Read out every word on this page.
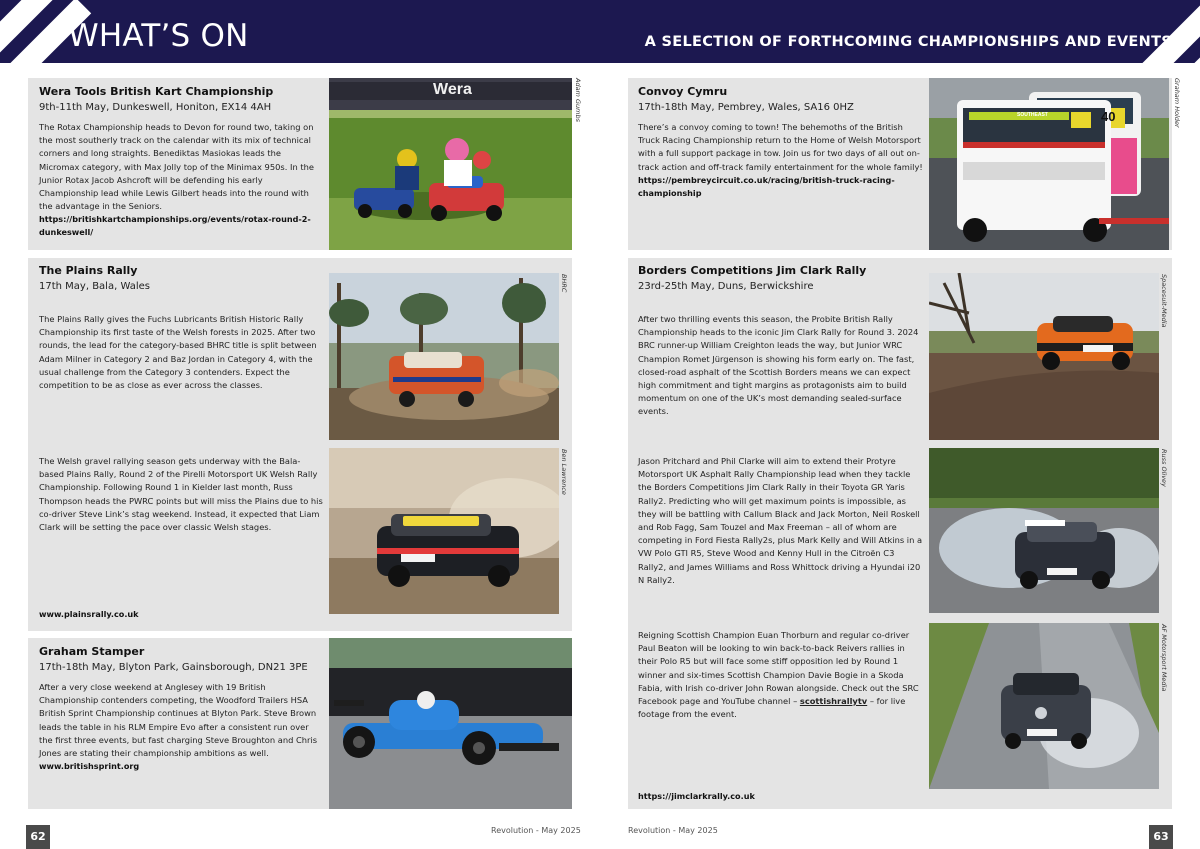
WHAT’S ON	A SELECTION OF FORTHCOMING CHAMPIONSHIPS AND EVENTS
Wera Tools British Kart Championship
9th-11th May, Dunkeswell, Honiton, EX14 4AH
The Rotax Championship heads to Devon for round two, taking on the most southerly track on the calendar with its mix of technical corners and long straights. Benediktas Masiokas leads the Micromax category, with Max Jolly top of the Minimax 950s. In the Junior Rotax Jacob Ashcroft will be defending his early Championship lead while Lewis Gilbert heads into the round with the advantage in the Seniors.
https://britishkartchampionships.org/events/rotax-round-2-dunkeswell/
Wera	Adam Gumbs
The Plains Rally
17th May, Bala, Wales
The Plains Rally gives the Fuchs Lubricants British Historic Rally Championship its first taste of the Welsh forests in 2025. After two rounds, the lead for the category-based BHRC title is split between Adam Milner in Category 2 and Baz Jordan in Category 4, with the usual challenge from the Category 3 contenders. Expect the competition to be as close as ever across the classes.
The Welsh gravel rallying season gets underway with the Bala-based Plains Rally, Round 2 of the Pirelli Motorsport UK Welsh Rally Championship. Following Round 1 in Kielder last month, Russ Thompson heads the PWRC points but will miss the Plains due to his co-driver Steve Link’s stag weekend. Instead, it expected that Liam Clark will be setting the pace over classic Welsh stages.
www.plainsrally.co.uk
BHRC
Ben Lawrence
Graham Stamper
17th-18th May, Blyton Park, Gainsborough, DN21 3PE
After a very close weekend at Anglesey with 19 British Championship contenders competing, the Woodford Trailers HSA British Sprint Championship continues at Blyton Park. Steve Brown leads the table in his RLM Empire Evo after a consistent run over the first three events, but fast charging Steve Broughton and Chris Jones are stating their championship ambitions as well.
www.britishsprint.org
Convoy Cymru
17th-18th May, Pembrey, Wales, SA16 0HZ
There’s a convoy coming to town! The behemoths of the British Truck Racing Championship return to the Home of Welsh Motorsport with a full support package in tow. Join us for two days of all out on-track action and off-track family entertainment for the whole family!
https://pembreycircuit.co.uk/racing/british-truck-racing-championship
40
SOUTHEAST	Graham Holder
Borders Competitions Jim Clark Rally
23rd-25th May, Duns, Berwickshire
After two thrilling events this season, the Probite British Rally Championship heads to the iconic Jim Clark Rally for Round 3. 2024 BRC runner-up William Creighton leads the way, but Junior WRC Champion Romet Jürgenson is showing his form early on. The fast, closed-road asphalt of the Scottish Borders means we can expect high commitment and tight margins as protagonists aim to build momentum on one of the UK’s most demanding sealed-surface events.
Jason Pritchard and Phil Clarke will aim to extend their Protyre Motorsport UK Asphalt Rally Championship lead when they tackle the Borders Competitions Jim Clark Rally in their Toyota GR Yaris Rally2. Predicting who will get maximum points is impossible, as they will be battling with Callum Black and Jack Morton, Neil Roskell and Rob Fagg, Sam Touzel and Max Freeman – all of whom are competing in Ford Fiesta Rally2s, plus Mark Kelly and Will Atkins in a VW Polo GTI R5, Steve Wood and Kenny Hull in the Citroën C3 Rally2, and James Williams and Ross Whittock driving a Hyundai i20 N Rally2.
Reigning Scottish Champion Euan Thorburn and regular co-driver Paul Beaton will be looking to win back-to-back Reivers rallies in their Polo R5 but will face some stiff opposition led by Round 1 winner and six-times Scottish Champion Davie Bogie in a Skoda Fabia, with Irish co-driver John Rowan alongside. Check out the SRC Facebook page and YouTube channel – scottishrallytv – for live footage from the event.
https://jimclarkrally.co.uk
Spacesuit-Media
Russ Olivey
AF Motorsport Media
62	Revolution - May 2025	Revolution - May 2025	63
